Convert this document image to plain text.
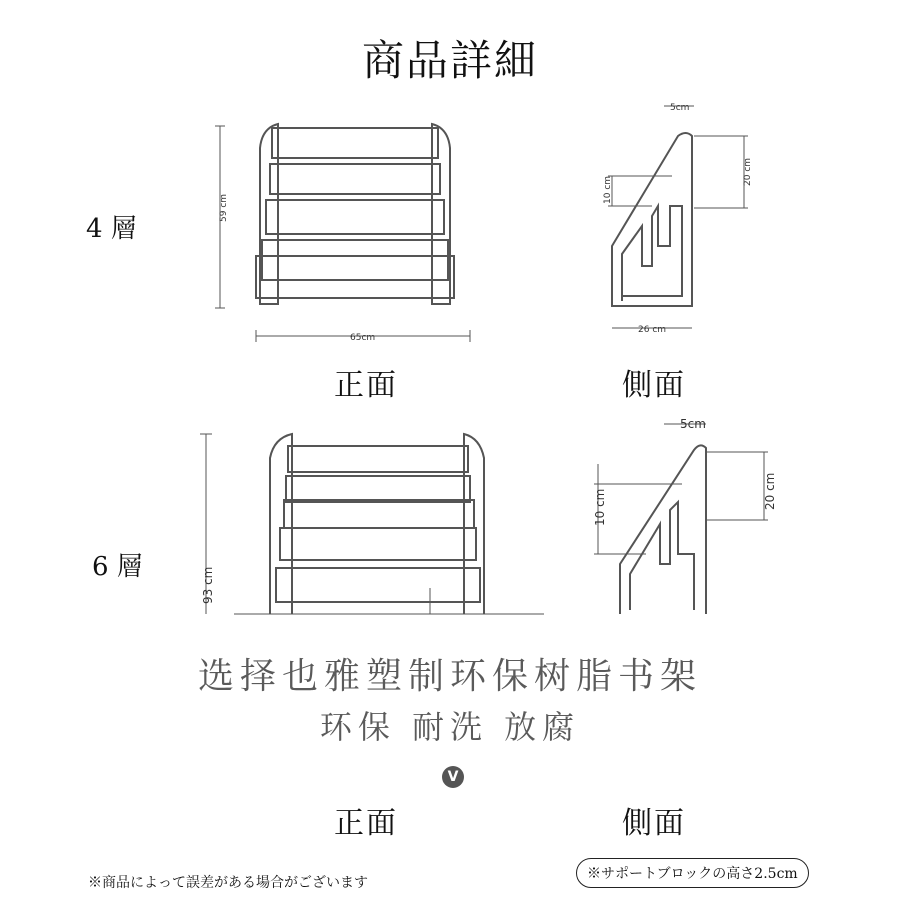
商品詳細
4 層
6 層
59 cm
65cm
5cm
20 cm
10 cm
26 cm
正面	側面
93 cm
5cm
20 cm
10 cm
选择也雅塑制环保树脂书架
环保 耐洗 放腐
V
正面	側面
※商品によって誤差がある場合がございます
※サポートブロックの高さ2.5cm
